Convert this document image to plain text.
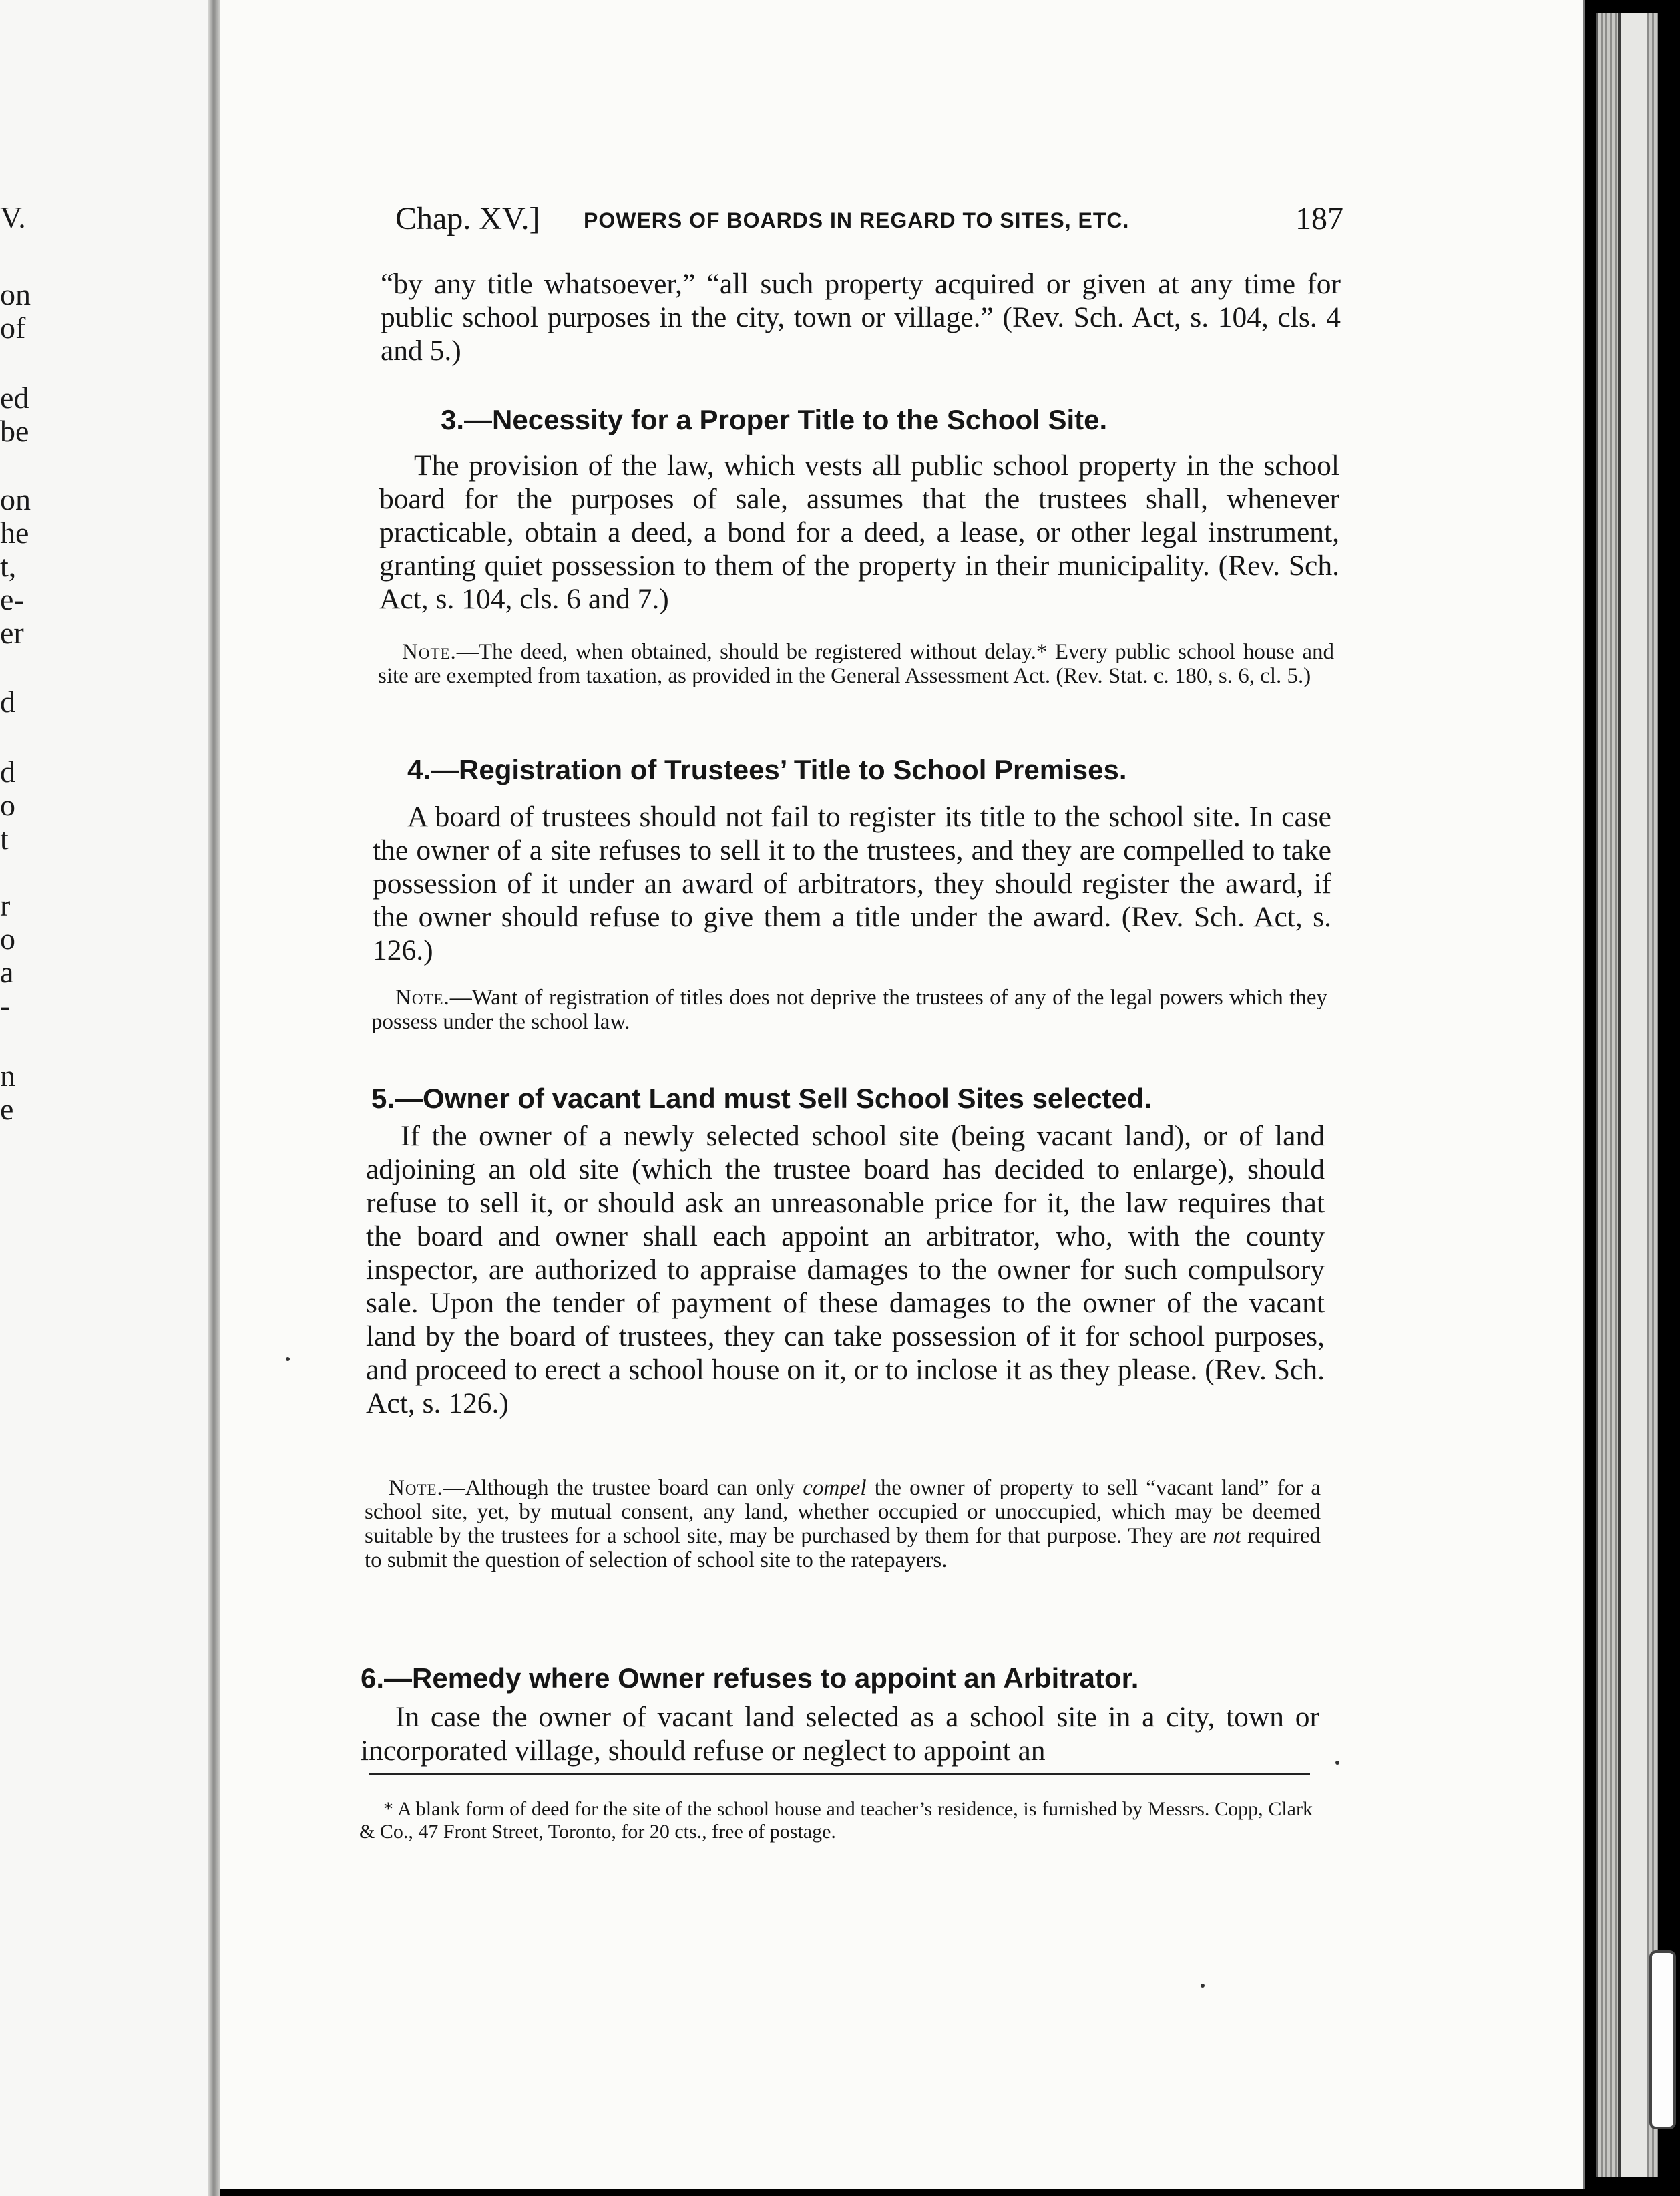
V.
on
of
ed
be
on
he
t,
e-
er
d
d
o
t
r
o
a
-
n
e
Chap. XV.] POWERS OF BOARDS IN REGARD TO SITES, ETC.	187

“by any title whatsoever,” “all such property acquired or given at any time for public school purposes in the city, town or village.” (Rev. Sch. Act, s. 104, cls. 4 and 5.)

3.—Necessity for a Proper Title to the School Site.

The provision of the law, which vests all public school property in the school board for the purposes of sale, assumes that the trustees shall, whenever practicable, obtain a deed, a bond for a deed, a lease, or other legal instrument, granting quiet possession to them of the property in their municipality. (Rev. Sch. Act, s. 104, cls. 6 and 7.)

Note.—The deed, when obtained, should be registered without delay.* Every public school house and site are exempted from taxation, as provided in the General Assessment Act. (Rev. Stat. c. 180, s. 6, cl. 5.)

4.—Registration of Trustees’ Title to School Premises.

A board of trustees should not fail to register its title to the school site. In case the owner of a site refuses to sell it to the trustees, and they are compelled to take possession of it under an award of arbitrators, they should register the award, if the owner should refuse to give them a title under the award. (Rev. Sch. Act, s. 126.)

Note.—Want of registration of titles does not deprive the trustees of any of the legal powers which they possess under the school law.

5.—Owner of vacant Land must Sell School Sites selected.

If the owner of a newly selected school site (being vacant land), or of land adjoining an old site (which the trustee board has decided to enlarge), should refuse to sell it, or should ask an unreasonable price for it, the law requires that the board and owner shall each appoint an arbitrator, who, with the county inspector, are authorized to appraise damages to the owner for such compulsory sale. Upon the tender of payment of these damages to the owner of the vacant land by the board of trustees, they can take possession of it for school purposes, and proceed to erect a school house on it, or to inclose it as they please. (Rev. Sch. Act, s. 126.)

Note.—Although the trustee board can only compel the owner of property to sell “vacant land” for a school site, yet, by mutual consent, any land, whether occupied or unoccupied, which may be deemed suitable by the trustees for a school site, may be purchased by them for that purpose. They are not required to submit the question of selection of school site to the ratepayers.

6.—Remedy where Owner refuses to appoint an Arbitrator.

In case the owner of vacant land selected as a school site in a city, town or incorporated village, should refuse or neglect to appoint an

* A blank form of deed for the site of the school house and teacher’s residence, is furnished by Messrs. Copp, Clark & Co., 47 Front Street, Toronto, for 20 cts., free of postage.
